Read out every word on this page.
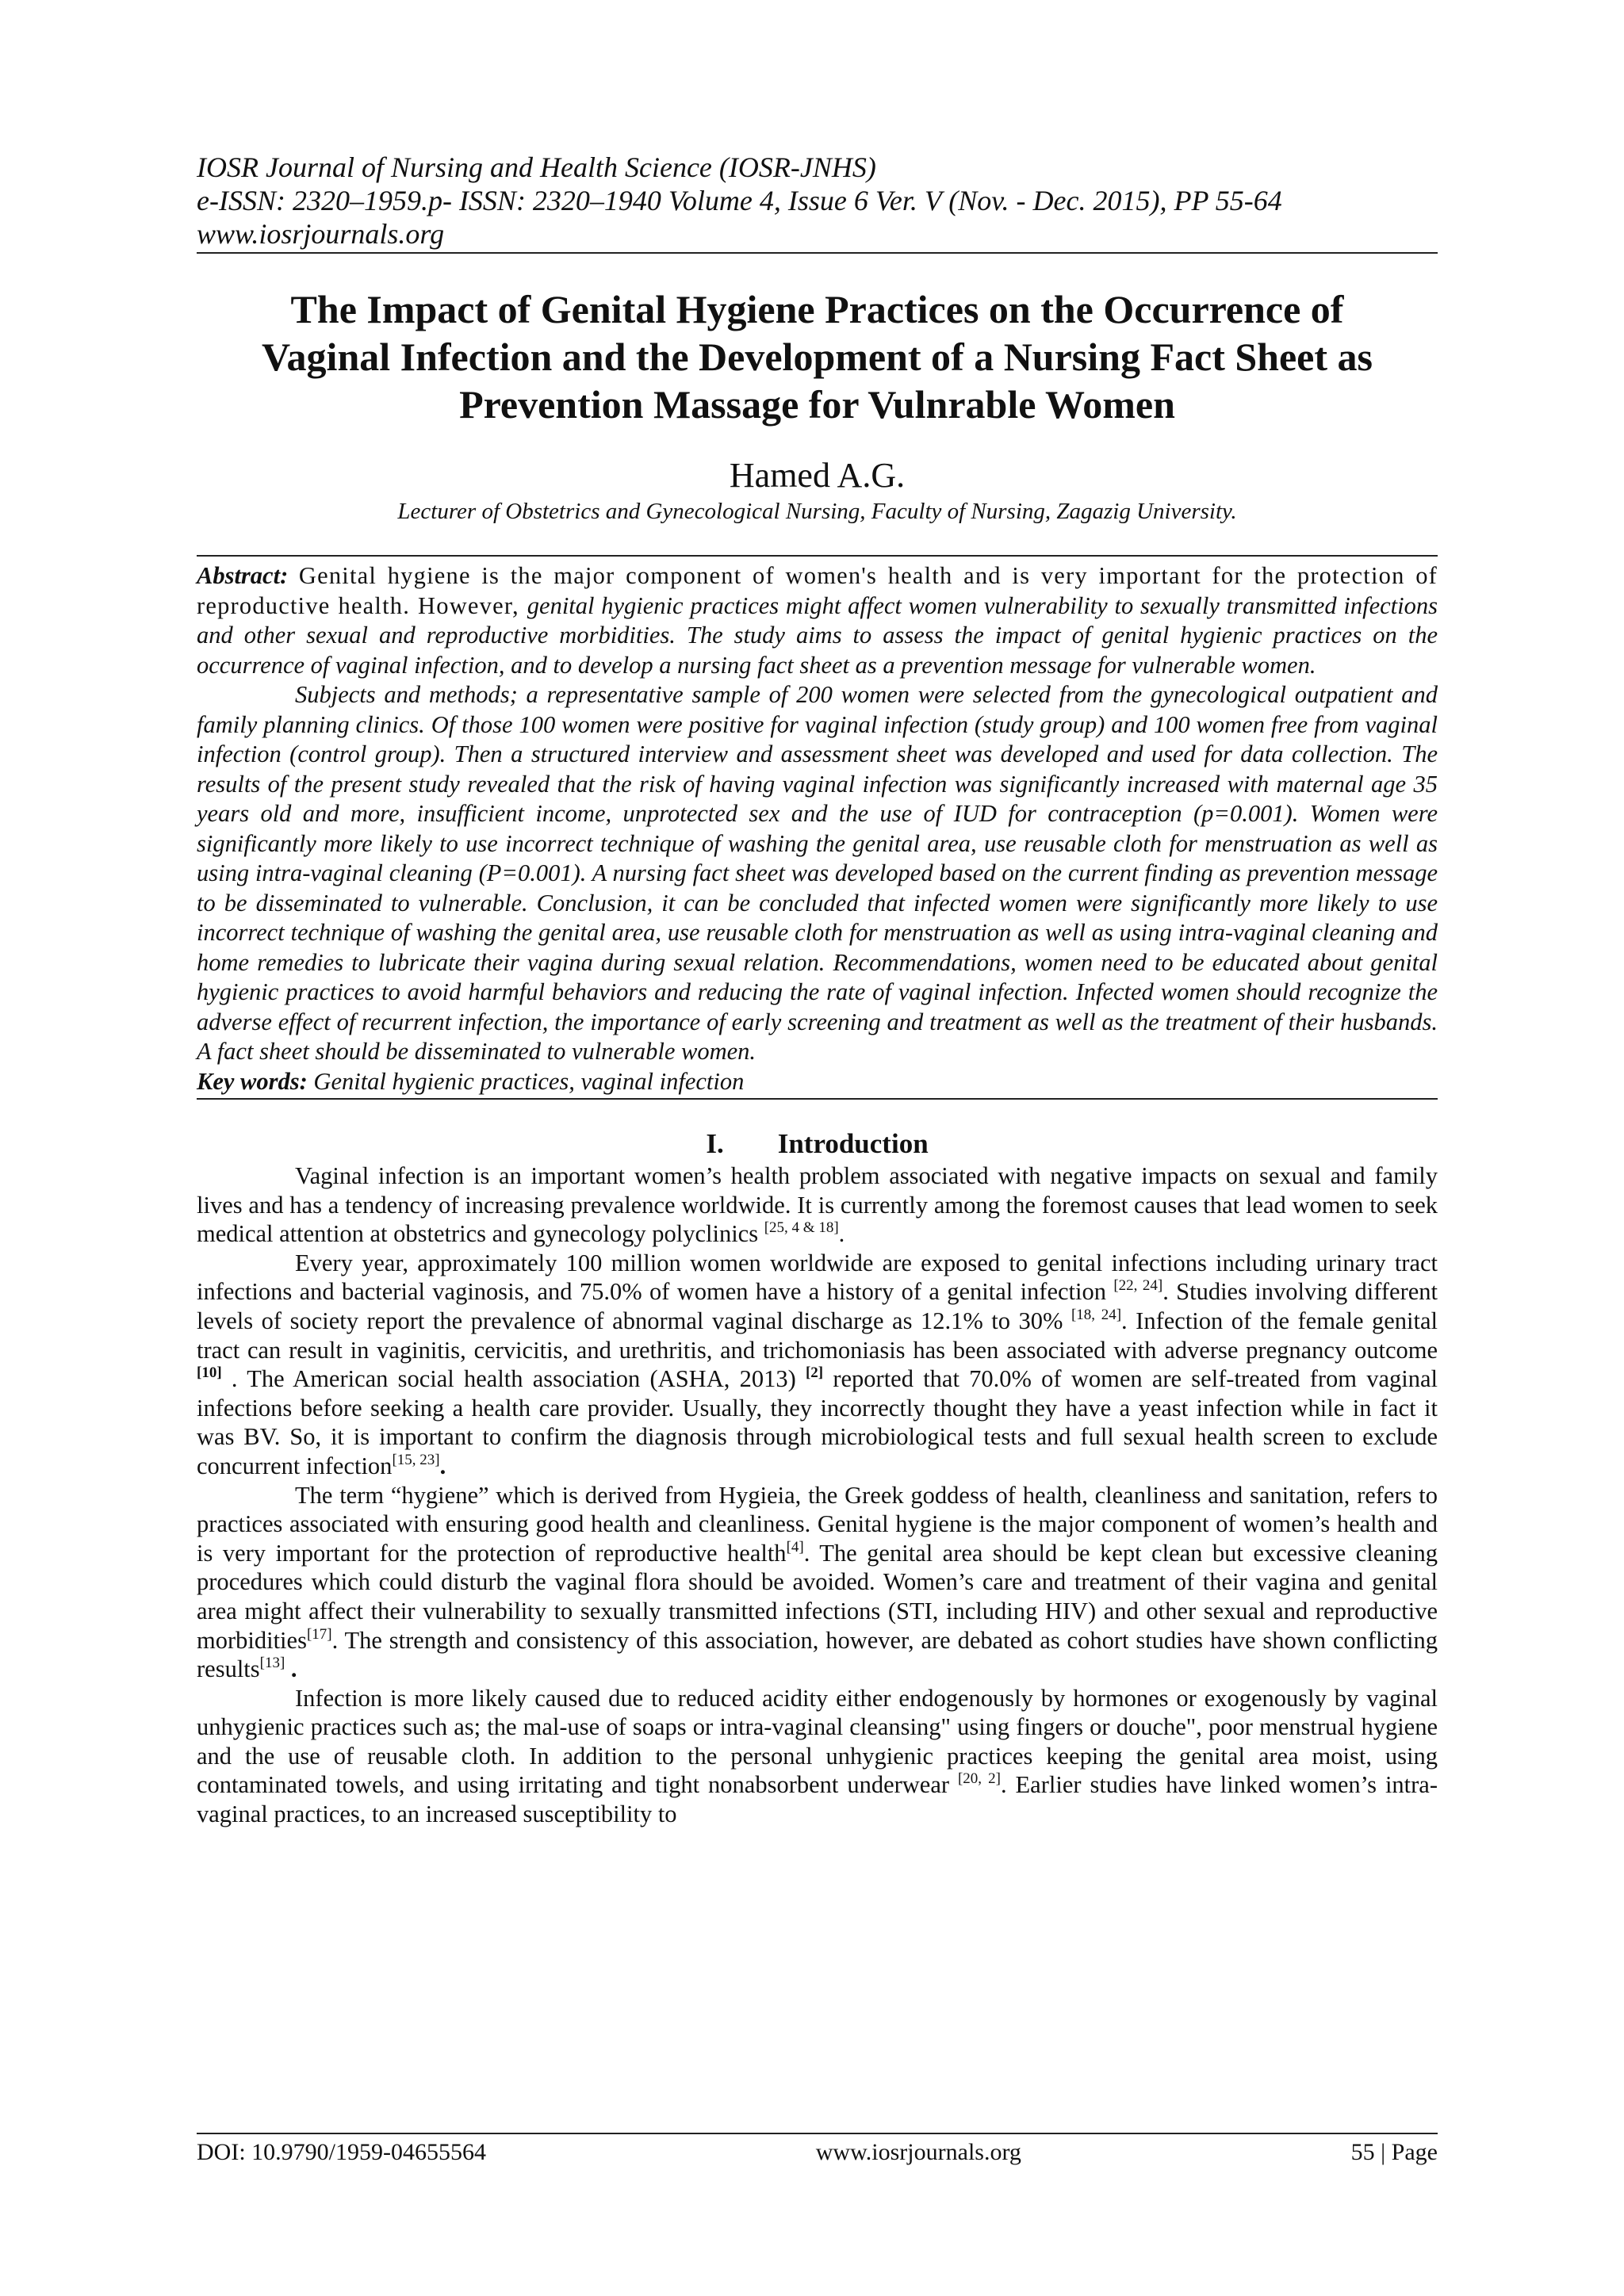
IOSR Journal of Nursing and Health Science (IOSR-JNHS)
e-ISSN: 2320–1959.p- ISSN: 2320–1940 Volume 4, Issue 6 Ver. V (Nov. - Dec. 2015), PP 55-64
www.iosrjournals.org
The Impact of Genital Hygiene Practices on the Occurrence of
Vaginal Infection and the Development of a Nursing Fact Sheet as
Prevention Massage for Vulnrable Women
Hamed A.G.
Lecturer of Obstetrics and Gynecological Nursing, Faculty of Nursing, Zagazig University.

Abstract: Genital hygiene is the major component of women's health and is very important for the protection of reproductive health. However, genital hygienic practices might affect women vulnerability to sexually transmitted infections and other sexual and reproductive morbidities. The study aims to assess the impact of genital hygienic practices on the occurrence of vaginal infection, and to develop a nursing fact sheet as a prevention message for vulnerable women.

Subjects and methods; a representative sample of 200 women were selected from the gynecological outpatient and family planning clinics. Of those 100 women were positive for vaginal infection (study group) and 100 women free from vaginal infection (control group). Then a structured interview and assessment sheet was developed and used for data collection. The results of the present study revealed that the risk of having vaginal infection was significantly increased with maternal age 35 years old and more, insufficient income, unprotected sex and the use of IUD for contraception (p=0.001). Women were significantly more likely to use incorrect technique of washing the genital area, use reusable cloth for menstruation as well as using intra-vaginal cleaning (P=0.001). A nursing fact sheet was developed based on the current finding as prevention message to be disseminated to vulnerable. Conclusion, it can be concluded that infected women were significantly more likely to use incorrect technique of washing the genital area, use reusable cloth for menstruation as well as using intra-vaginal cleaning and home remedies to lubricate their vagina during sexual relation. Recommendations, women need to be educated about genital hygienic practices to avoid harmful behaviors and reducing the rate of vaginal infection. Infected women should recognize the adverse effect of recurrent infection, the importance of early screening and treatment as well as the treatment of their husbands. A fact sheet should be disseminated to vulnerable women.

Key words: Genital hygienic practices, vaginal infection

I. Introduction

Vaginal infection is an important women’s health problem associated with negative impacts on sexual and family lives and has a tendency of increasing prevalence worldwide. It is currently among the foremost causes that lead women to seek medical attention at obstetrics and gynecology polyclinics [25, 4 & 18].

Every year, approximately 100 million women worldwide are exposed to genital infections including urinary tract infections and bacterial vaginosis, and 75.0% of women have a history of a genital infection [22, 24]. Studies involving different levels of society report the prevalence of abnormal vaginal discharge as 12.1% to 30% [18, 24]. Infection of the female genital tract can result in vaginitis, cervicitis, and urethritis, and trichomoniasis has been associated with adverse pregnancy outcome [10] . The American social health association (ASHA, 2013) [2] reported that 70.0% of women are self-treated from vaginal infections before seeking a health care provider. Usually, they incorrectly thought they have a yeast infection while in fact it was BV. So, it is important to confirm the diagnosis through microbiological tests and full sexual health screen to exclude concurrent infection[15, 23].

The term “hygiene” which is derived from Hygieia, the Greek goddess of health, cleanliness and sanitation, refers to practices associated with ensuring good health and cleanliness. Genital hygiene is the major component of women’s health and is very important for the protection of reproductive health[4]. The genital area should be kept clean but excessive cleaning procedures which could disturb the vaginal flora should be avoided. Women’s care and treatment of their vagina and genital area might affect their vulnerability to sexually transmitted infections (STI, including HIV) and other sexual and reproductive morbidities[17]. The strength and consistency of this association, however, are debated as cohort studies have shown conflicting results[13] .

Infection is more likely caused due to reduced acidity either endogenously by hormones or exogenously by vaginal unhygienic practices such as; the mal-use of soaps or intra-vaginal cleansing" using fingers or douche", poor menstrual hygiene and the use of reusable cloth. In addition to the personal unhygienic practices keeping the genital area moist, using contaminated towels, and using irritating and tight nonabsorbent underwear [20, 2]. Earlier studies have linked women’s intra-vaginal practices, to an increased susceptibility to

DOI: 10.9790/1959-04655564	www.iosrjournals.org	55 | Page
